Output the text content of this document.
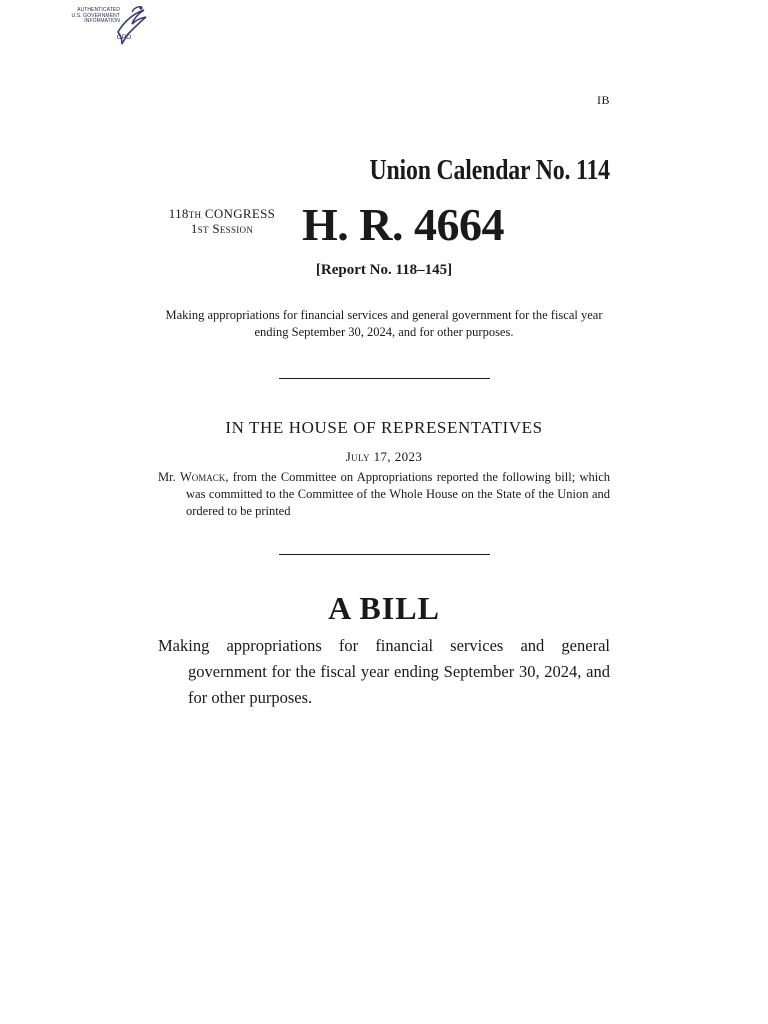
AUTHENTICATED
U.S. GOVERNMENT
INFORMATION
GPO
IB
Union Calendar No. 114
118th CONGRESS
1st Session	H. R. 4664
[Report No. 118–145]
Making appropriations for financial services and general government for the fiscal year ending September 30, 2024, and for other purposes.
IN THE HOUSE OF REPRESENTATIVES
July 17, 2023
Mr. Womack, from the Committee on Appropriations reported the following bill; which was committed to the Committee of the Whole House on the State of the Union and ordered to be printed
A BILL
Making appropriations for financial services and general government for the fiscal year ending September 30, 2024, and for other purposes.
